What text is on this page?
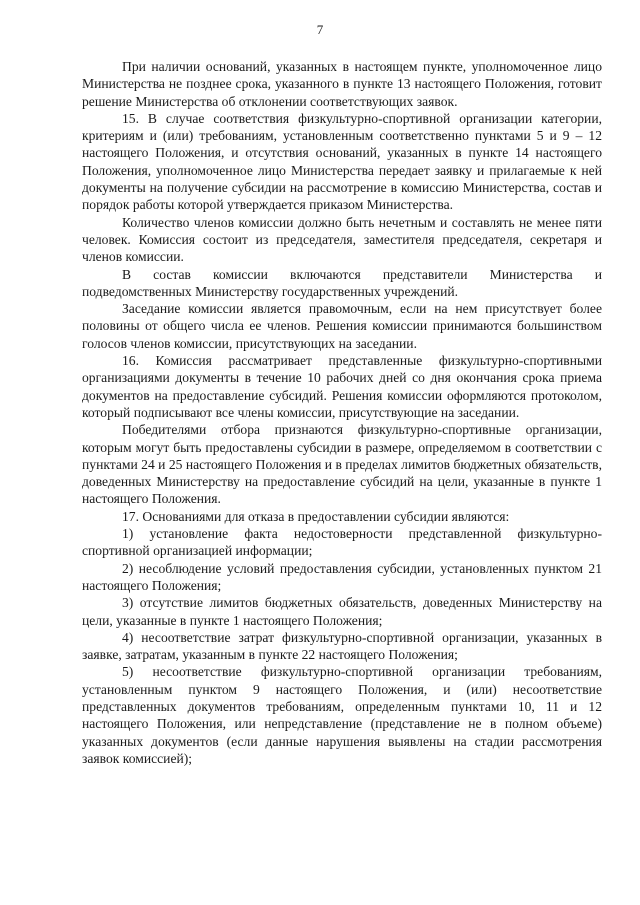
7

При наличии оснований, указанных в настоящем пункте, уполномоченное лицо Министерства не позднее срока, указанного в пункте 13 настоящего Положения, готовит решение Министерства об отклонении соответствующих заявок.

15. В случае соответствия физкультурно-спортивной организации категории, критериям и (или) требованиям, установленным соответственно пунктами 5 и 9 – 12 настоящего Положения, и отсутствия оснований, указанных в пункте 14 настоящего Положения, уполномоченное лицо Министерства передает заявку и прилагаемые к ней документы на получение субсидии на рассмотрение в комиссию Министерства, состав и порядок работы которой утверждается приказом Министерства.

Количество членов комиссии должно быть нечетным и составлять не менее пяти человек. Комиссия состоит из председателя, заместителя председателя, секретаря и членов комиссии.

В состав комиссии включаются представители Министерства и подведомственных Министерству государственных учреждений.

Заседание комиссии является правомочным, если на нем присутствует более половины от общего числа ее членов. Решения комиссии принимаются большинством голосов членов комиссии, присутствующих на заседании.

16. Комиссия рассматривает представленные физкультурно-спортивными организациями документы в течение 10 рабочих дней со дня окончания срока приема документов на предоставление субсидий. Решения комиссии оформляются протоколом, который подписывают все члены комиссии, присутствующие на заседании.

Победителями отбора признаются физкультурно-спортивные организации, которым могут быть предоставлены субсидии в размере, определяемом в соответствии с пунктами 24 и 25 настоящего Положения и в пределах лимитов бюджетных обязательств, доведенных Министерству на предоставление субсидий на цели, указанные в пункте 1 настоящего Положения.

17. Основаниями для отказа в предоставлении субсидии являются:

1) установление факта недостоверности представленной физкультурно-спортивной организацией информации;

2) несоблюдение условий предоставления субсидии, установленных пунктом 21 настоящего Положения;

3) отсутствие лимитов бюджетных обязательств, доведенных Министерству на цели, указанные в пункте 1 настоящего Положения;

4) несоответствие затрат физкультурно-спортивной организации, указанных в заявке, затратам, указанным в пункте 22 настоящего Положения;

5) несоответствие физкультурно-спортивной организации требованиям, установленным пунктом 9 настоящего Положения, и (или) несоответствие представленных документов требованиям, определенным пунктами 10, 11 и 12 настоящего Положения, или непредставление (представление не в полном объеме) указанных документов (если данные нарушения выявлены на стадии рассмотрения заявок комиссией);
